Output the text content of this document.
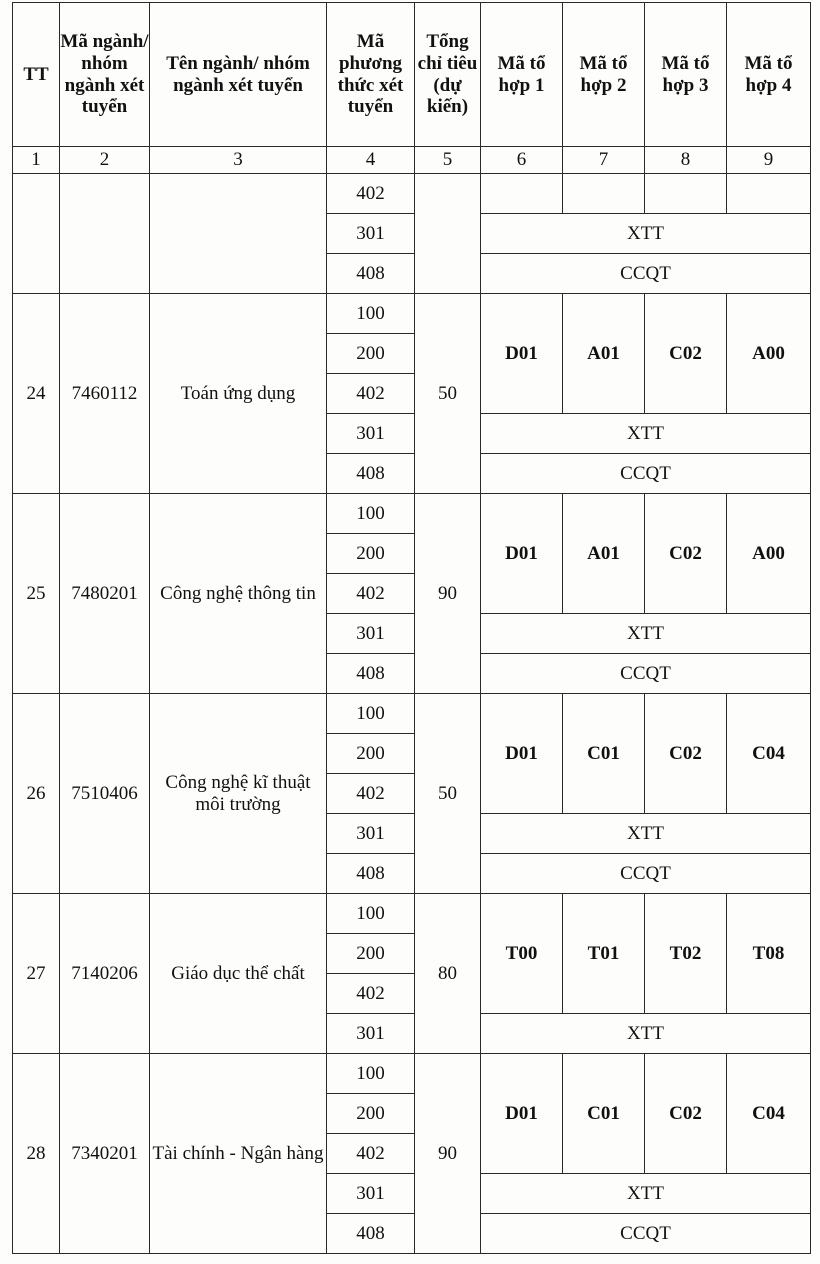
TT	Mã ngành/ nhóm ngành xét tuyển	Tên ngành/ nhóm ngành xét tuyển	Mã phương thức xét tuyển	Tổng chỉ tiêu (dự kiến)	Mã tổ hợp 1	Mã tổ hợp 2	Mã tổ hợp 3	Mã tổ hợp 4
1	2	3	4	5	6	7	8	9
			402					
			301		XTT			
			408		CCQT			
24	7460112	Toán ứng dụng	100	50	D01	A01	C02	A00
			200					
			402					
			301		XTT			
			408		CCQT			
25	7480201	Công nghệ thông tin	100	90	D01	A01	C02	A00
			200					
			402					
			301		XTT			
			408		CCQT			
26	7510406	Công nghệ kĩ thuật môi trường	100	50	D01	C01	C02	C04
			200					
			402					
			301		XTT			
			408		CCQT			
27	7140206	Giáo dục thể chất	100	80	T00	T01	T02	T08
			200					
			402					
			301		XTT			
28	7340201	Tài chính - Ngân hàng	100	90	D01	C01	C02	C04
			200					
			402					
			301		XTT			
			408		CCQT			
